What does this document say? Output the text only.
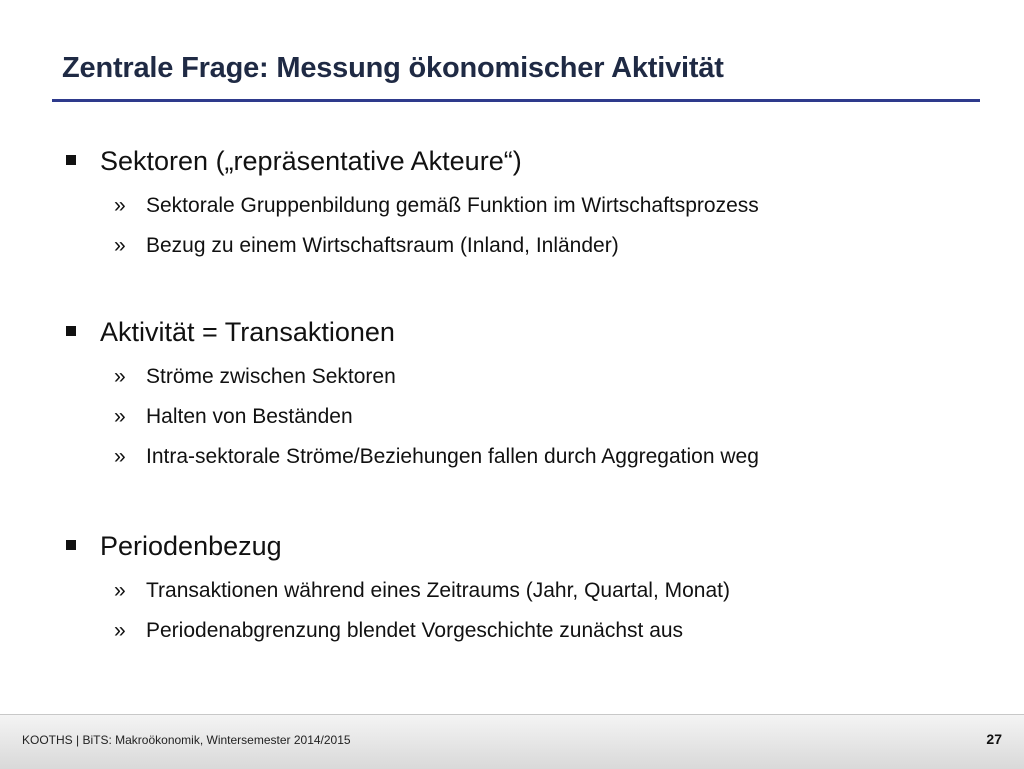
Zentrale Frage: Messung ökonomischer Aktivität
Sektoren („repräsentative Akteure“)
» Sektorale Gruppenbildung gemäß Funktion im Wirtschaftsprozess
» Bezug zu einem Wirtschaftsraum (Inland, Inländer)
Aktivität = Transaktionen
» Ströme zwischen Sektoren
» Halten von Beständen
» Intra-sektorale Ströme/Beziehungen fallen durch Aggregation weg
Periodenbezug
» Transaktionen während eines Zeitraums (Jahr, Quartal, Monat)
» Periodenabgrenzung blendet Vorgeschichte zunächst aus
KOOTHS | BiTS: Makroökonomik, Wintersemester 2014/2015	27
